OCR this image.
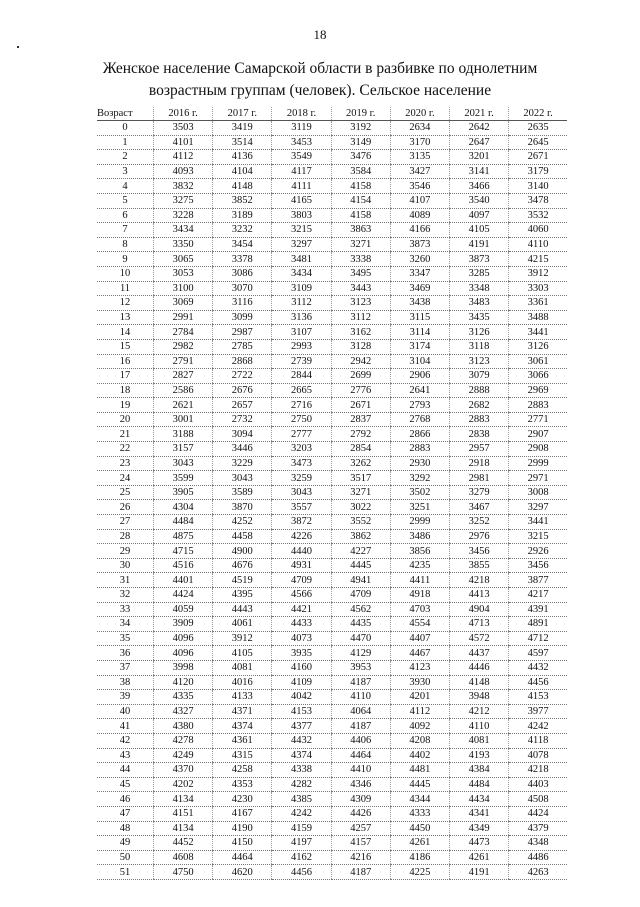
18
Женское население Самарской области в разбивке по однолетним
возрастным группам (человек). Сельское население
Возраст	2016 г.	2017 г.	2018 г.	2019 г.	2020 г.	2021 г.	2022 г.
0	3503	3419	3119	3192	2634	2642	2635
1	4101	3514	3453	3149	3170	2647	2645
2	4112	4136	3549	3476	3135	3201	2671
3	4093	4104	4117	3584	3427	3141	3179
4	3832	4148	4111	4158	3546	3466	3140
5	3275	3852	4165	4154	4107	3540	3478
6	3228	3189	3803	4158	4089	4097	3532
7	3434	3232	3215	3863	4166	4105	4060
8	3350	3454	3297	3271	3873	4191	4110
9	3065	3378	3481	3338	3260	3873	4215
10	3053	3086	3434	3495	3347	3285	3912
11	3100	3070	3109	3443	3469	3348	3303
12	3069	3116	3112	3123	3438	3483	3361
13	2991	3099	3136	3112	3115	3435	3488
14	2784	2987	3107	3162	3114	3126	3441
15	2982	2785	2993	3128	3174	3118	3126
16	2791	2868	2739	2942	3104	3123	3061
17	2827	2722	2844	2699	2906	3079	3066
18	2586	2676	2665	2776	2641	2888	2969
19	2621	2657	2716	2671	2793	2682	2883
20	3001	2732	2750	2837	2768	2883	2771
21	3188	3094	2777	2792	2866	2838	2907
22	3157	3446	3203	2854	2883	2957	2908
23	3043	3229	3473	3262	2930	2918	2999
24	3599	3043	3259	3517	3292	2981	2971
25	3905	3589	3043	3271	3502	3279	3008
26	4304	3870	3557	3022	3251	3467	3297
27	4484	4252	3872	3552	2999	3252	3441
28	4875	4458	4226	3862	3486	2976	3215
29	4715	4900	4440	4227	3856	3456	2926
30	4516	4676	4931	4445	4235	3855	3456
31	4401	4519	4709	4941	4411	4218	3877
32	4424	4395	4566	4709	4918	4413	4217
33	4059	4443	4421	4562	4703	4904	4391
34	3909	4061	4433	4435	4554	4713	4891
35	4096	3912	4073	4470	4407	4572	4712
36	4096	4105	3935	4129	4467	4437	4597
37	3998	4081	4160	3953	4123	4446	4432
38	4120	4016	4109	4187	3930	4148	4456
39	4335	4133	4042	4110	4201	3948	4153
40	4327	4371	4153	4064	4112	4212	3977
41	4380	4374	4377	4187	4092	4110	4242
42	4278	4361	4432	4406	4208	4081	4118
43	4249	4315	4374	4464	4402	4193	4078
44	4370	4258	4338	4410	4481	4384	4218
45	4202	4353	4282	4346	4445	4484	4403
46	4134	4230	4385	4309	4344	4434	4508
47	4151	4167	4242	4426	4333	4341	4424
48	4134	4190	4159	4257	4450	4349	4379
49	4452	4150	4197	4157	4261	4473	4348
50	4608	4464	4162	4216	4186	4261	4486
51	4750	4620	4456	4187	4225	4191	4263
